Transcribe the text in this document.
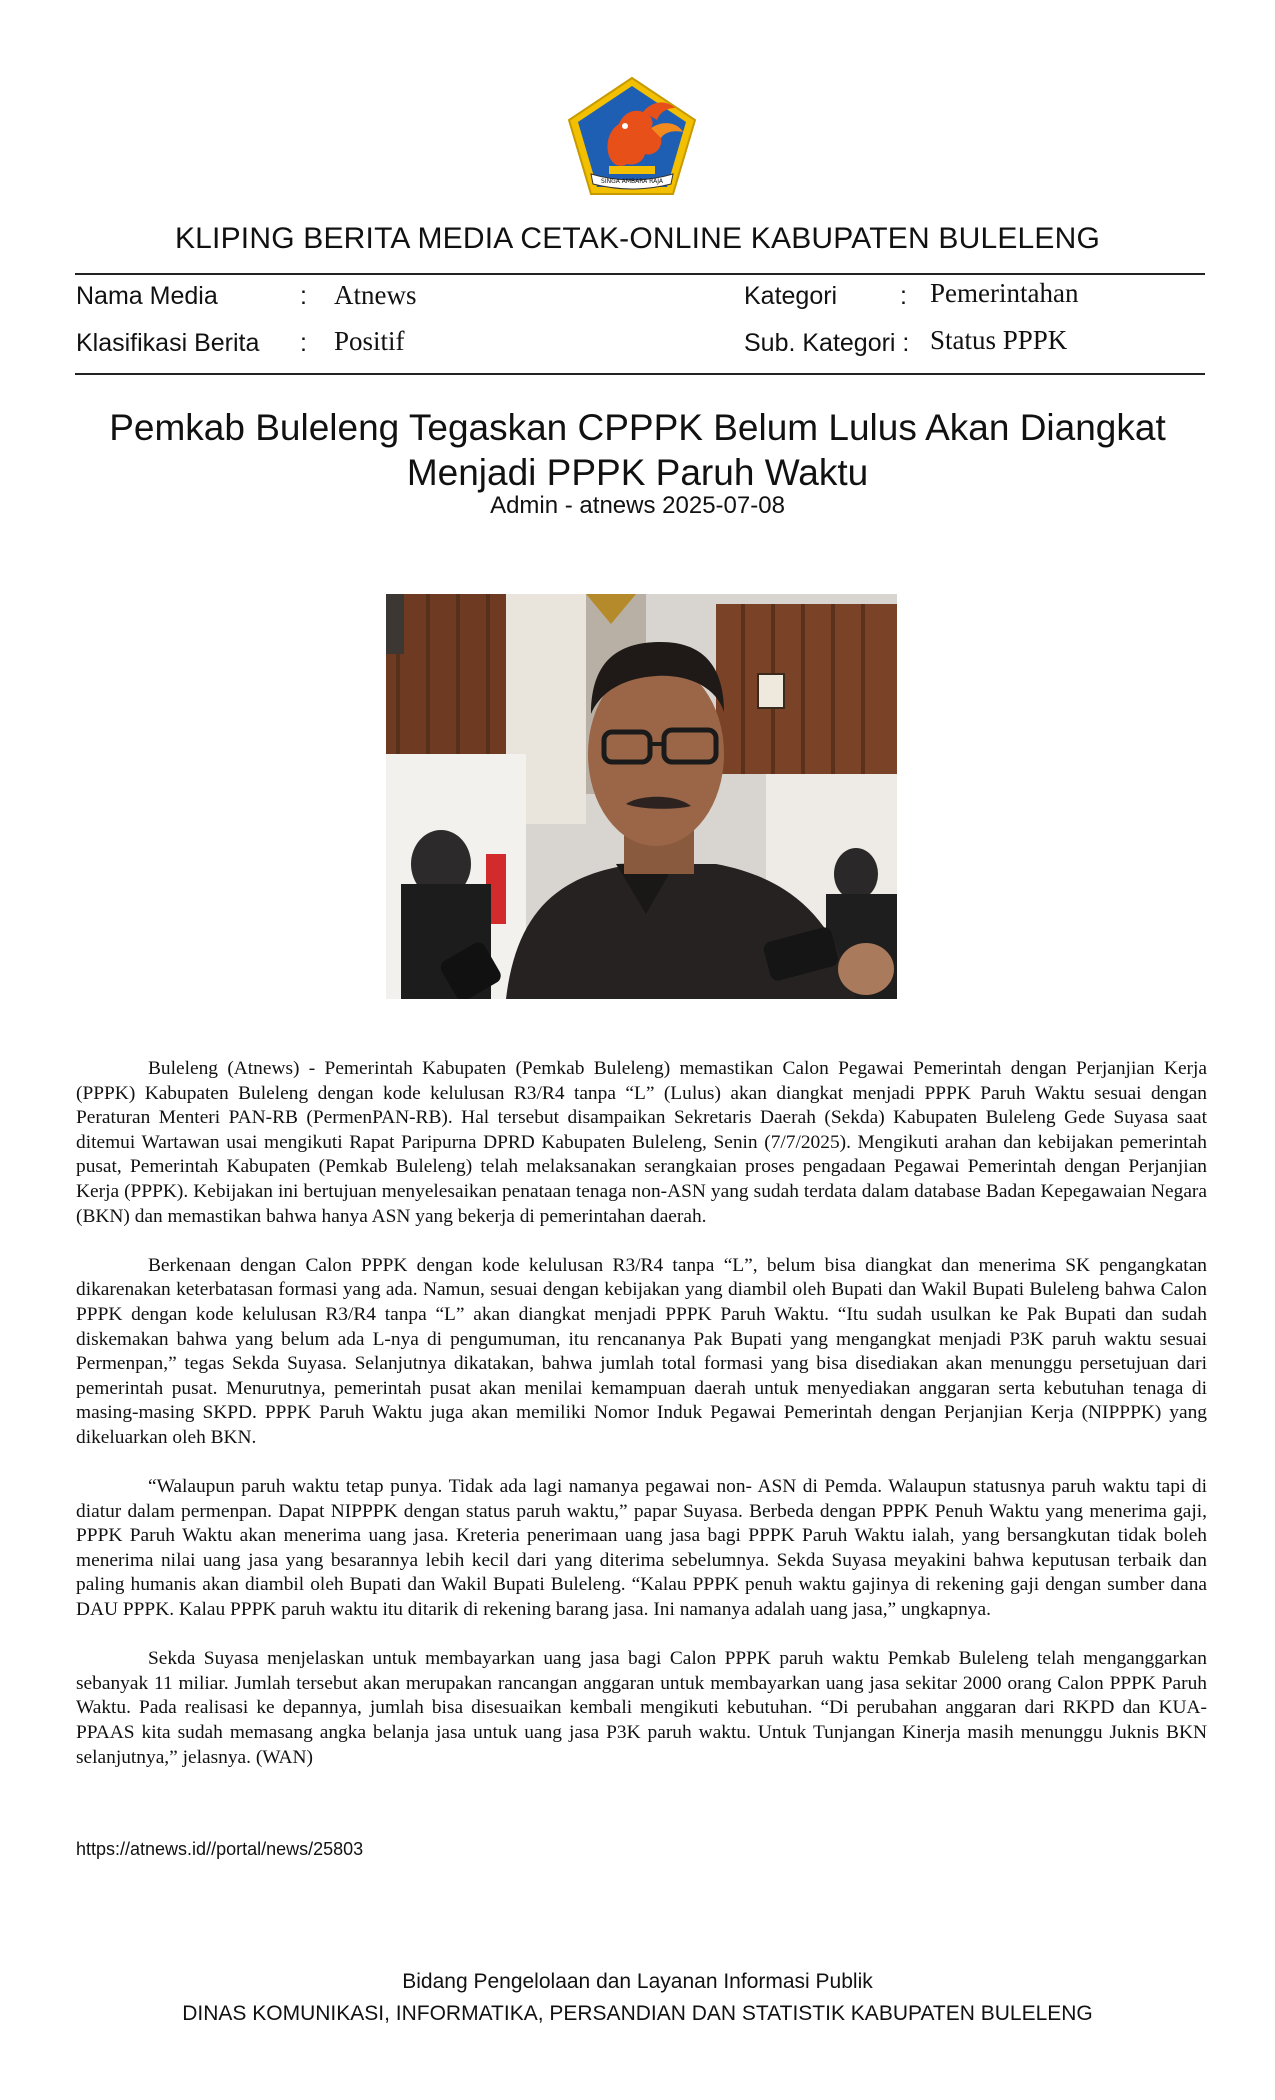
SINGA AMBARA RAJA
KLIPING BERITA MEDIA CETAK-ONLINE KABUPATEN BULELENG
Nama Media	: Atnews	Kategori	: Pemerintahan
Klasifikasi Berita : Positif	Sub. Kategori : Status PPPK
Pemkab Buleleng Tegaskan CPPPK Belum Lulus Akan Diangkat Menjadi PPPK Paruh Waktu
Admin - atnews 2025-07-08

Buleleng (Atnews) - Pemerintah Kabupaten (Pemkab Buleleng) memastikan Calon Pegawai Pemerintah dengan Perjanjian Kerja (PPPK) Kabupaten Buleleng dengan kode kelulusan R3/R4 tanpa “L” (Lulus) akan diangkat menjadi PPPK Paruh Waktu sesuai dengan Peraturan Menteri PAN-RB (PermenPAN-RB). Hal tersebut disampaikan Sekretaris Daerah (Sekda) Kabupaten Buleleng Gede Suyasa saat ditemui Wartawan usai mengikuti Rapat Paripurna DPRD Kabupaten Buleleng, Senin (7/7/2025). Mengikuti arahan dan kebijakan pemerintah pusat, Pemerintah Kabupaten (Pemkab Buleleng) telah melaksanakan serangkaian proses pengadaan Pegawai Pemerintah dengan Perjanjian Kerja (PPPK). Kebijakan ini bertujuan menyelesaikan penataan tenaga non-ASN yang sudah terdata dalam database Badan Kepegawaian Negara (BKN) dan memastikan bahwa hanya ASN yang bekerja di pemerintahan daerah.

Berkenaan dengan Calon PPPK dengan kode kelulusan R3/R4 tanpa “L”, belum bisa diangkat dan menerima SK pengangkatan dikarenakan keterbatasan formasi yang ada. Namun, sesuai dengan kebijakan yang diambil oleh Bupati dan Wakil Bupati Buleleng bahwa Calon PPPK dengan kode kelulusan R3/R4 tanpa “L” akan diangkat menjadi PPPK Paruh Waktu. “Itu sudah usulkan ke Pak Bupati dan sudah diskemakan bahwa yang belum ada L-nya di pengumuman, itu rencananya Pak Bupati yang mengangkat menjadi P3K paruh waktu sesuai Permenpan,” tegas Sekda Suyasa. Selanjutnya dikatakan, bahwa jumlah total formasi yang bisa disediakan akan menunggu persetujuan dari pemerintah pusat. Menurutnya, pemerintah pusat akan menilai kemampuan daerah untuk menyediakan anggaran serta kebutuhan tenaga di masing-masing SKPD. PPPK Paruh Waktu juga akan memiliki Nomor Induk Pegawai Pemerintah dengan Perjanjian Kerja (NIPPPK) yang dikeluarkan oleh BKN.

“Walaupun paruh waktu tetap punya. Tidak ada lagi namanya pegawai non- ASN di Pemda. Walaupun statusnya paruh waktu tapi di diatur dalam permenpan. Dapat NIPPPK dengan status paruh waktu,” papar Suyasa. Berbeda dengan PPPK Penuh Waktu yang menerima gaji, PPPK Paruh Waktu akan menerima uang jasa. Kreteria penerimaan uang jasa bagi PPPK Paruh Waktu ialah, yang bersangkutan tidak boleh menerima nilai uang jasa yang besarannya lebih kecil dari yang diterima sebelumnya. Sekda Suyasa meyakini bahwa keputusan terbaik dan paling humanis akan diambil oleh Bupati dan Wakil Bupati Buleleng. “Kalau PPPK penuh waktu gajinya di rekening gaji dengan sumber dana DAU PPPK. Kalau PPPK paruh waktu itu ditarik di rekening barang jasa. Ini namanya adalah uang jasa,” ungkapnya.

Sekda Suyasa menjelaskan untuk membayarkan uang jasa bagi Calon PPPK paruh waktu Pemkab Buleleng telah menganggarkan sebanyak 11 miliar. Jumlah tersebut akan merupakan rancangan anggaran untuk membayarkan uang jasa sekitar 2000 orang Calon PPPK Paruh Waktu. Pada realisasi ke depannya, jumlah bisa disesuaikan kembali mengikuti kebutuhan. “Di perubahan anggaran dari RKPD dan KUA-PPAAS kita sudah memasang angka belanja jasa untuk uang jasa P3K paruh waktu. Untuk Tunjangan Kinerja masih menunggu Juknis BKN selanjutnya,” jelasnya. (WAN)

https://atnews.id//portal/news/25803
Bidang Pengelolaan dan Layanan Informasi Publik
DINAS KOMUNIKASI, INFORMATIKA, PERSANDIAN DAN STATISTIK KABUPATEN BULELENG
